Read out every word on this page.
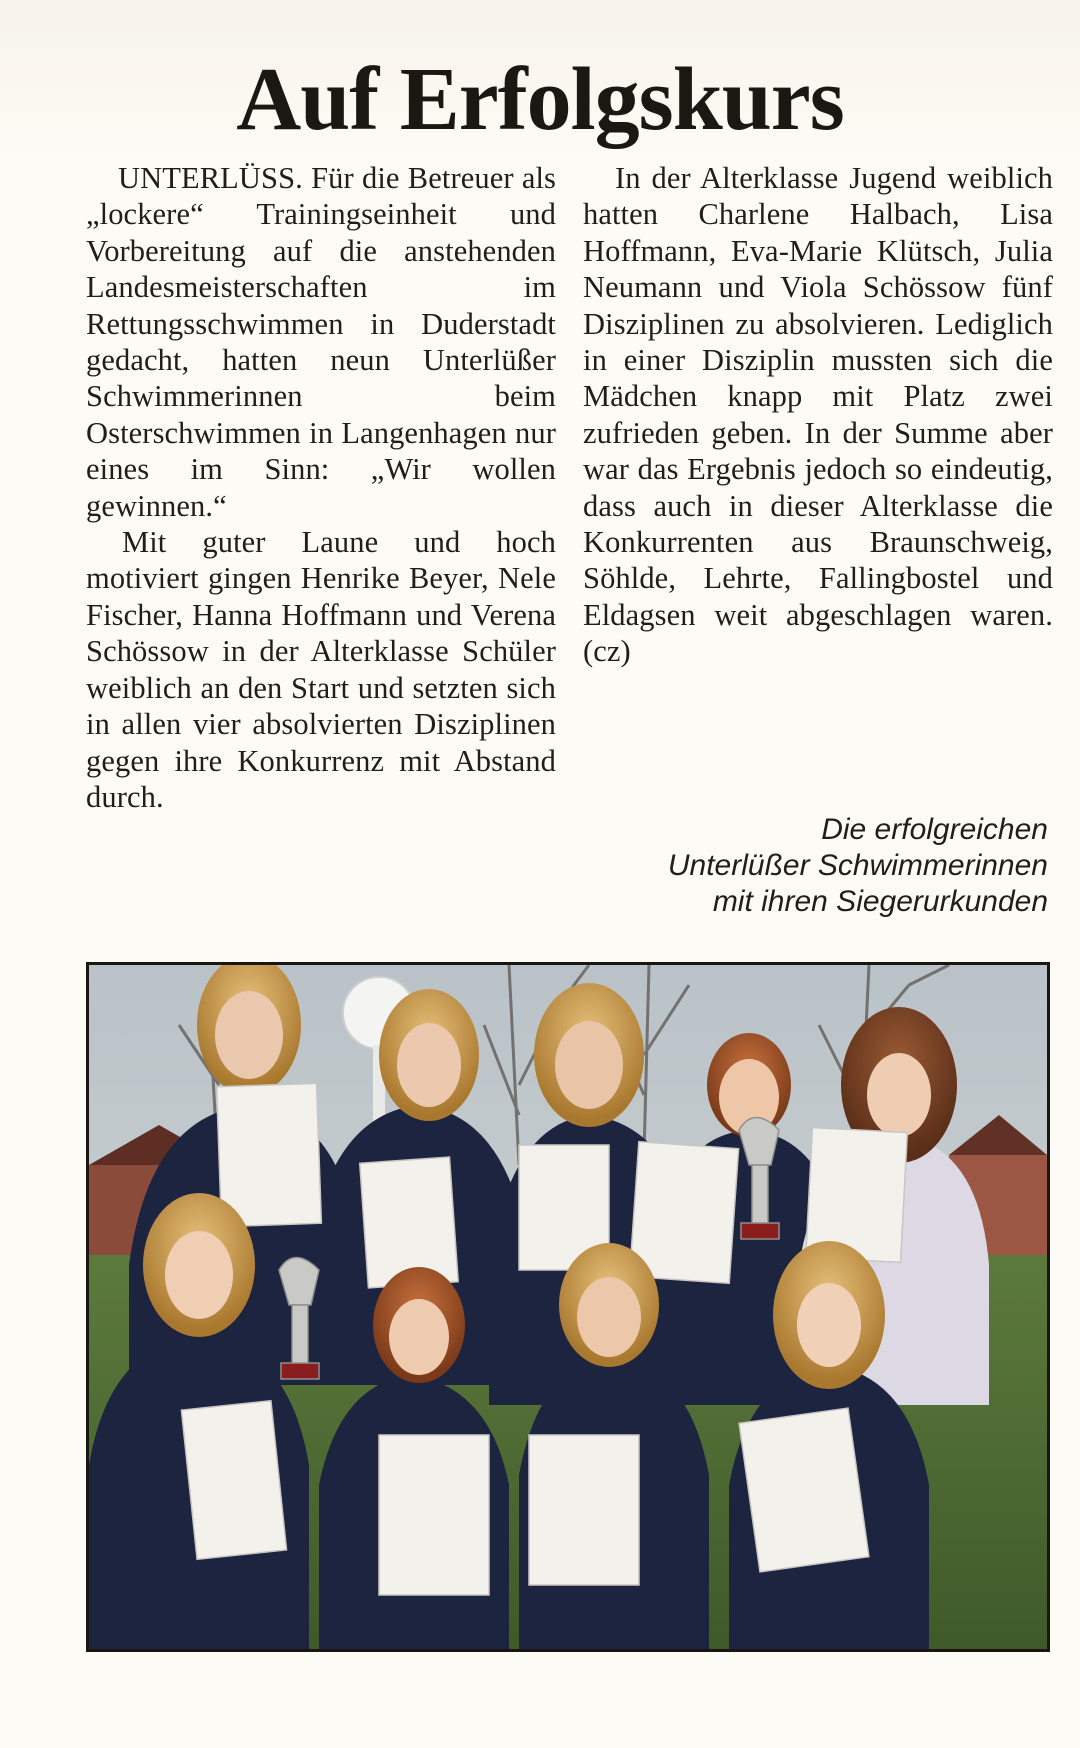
Auf Erfolgskurs

UNTERLÜSS. Für die Betreuer als „lockere“ Trainingseinheit und Vorbereitung auf die anstehenden Landesmeisterschaften im Rettungsschwimmen in Duderstadt gedacht, hatten neun Unterlüßer Schwimmerinnen beim Osterschwimmen in Langenhagen nur eines im Sinn: „Wir wollen gewinnen.“

Mit guter Laune und hoch motiviert gingen Henrike Beyer, Nele Fischer, Hanna Hoffmann und Verena Schössow in der Alterklasse Schüler weiblich an den Start und setzten sich in allen vier absolvierten Disziplinen gegen ihre Konkurrenz mit Abstand durch.

In der Alterklasse Jugend weiblich hatten Charlene Halbach, Lisa Hoffmann, Eva-Marie Klütsch, Julia Neumann und Viola Schössow fünf Disziplinen zu absolvieren. Lediglich in einer Disziplin mussten sich die Mädchen knapp mit Platz zwei zufrieden geben. In der Summe aber war das Ergebnis jedoch so eindeutig, dass auch in dieser Alterklasse die Konkurrenten aus Braunschweig, Söhlde, Lehrte, Fallingbostel und Eldagsen weit abgeschlagen waren. (cz)

Die erfolgreichen
Unterlüßer Schwimmerinnen
mit ihren Siegerurkunden
